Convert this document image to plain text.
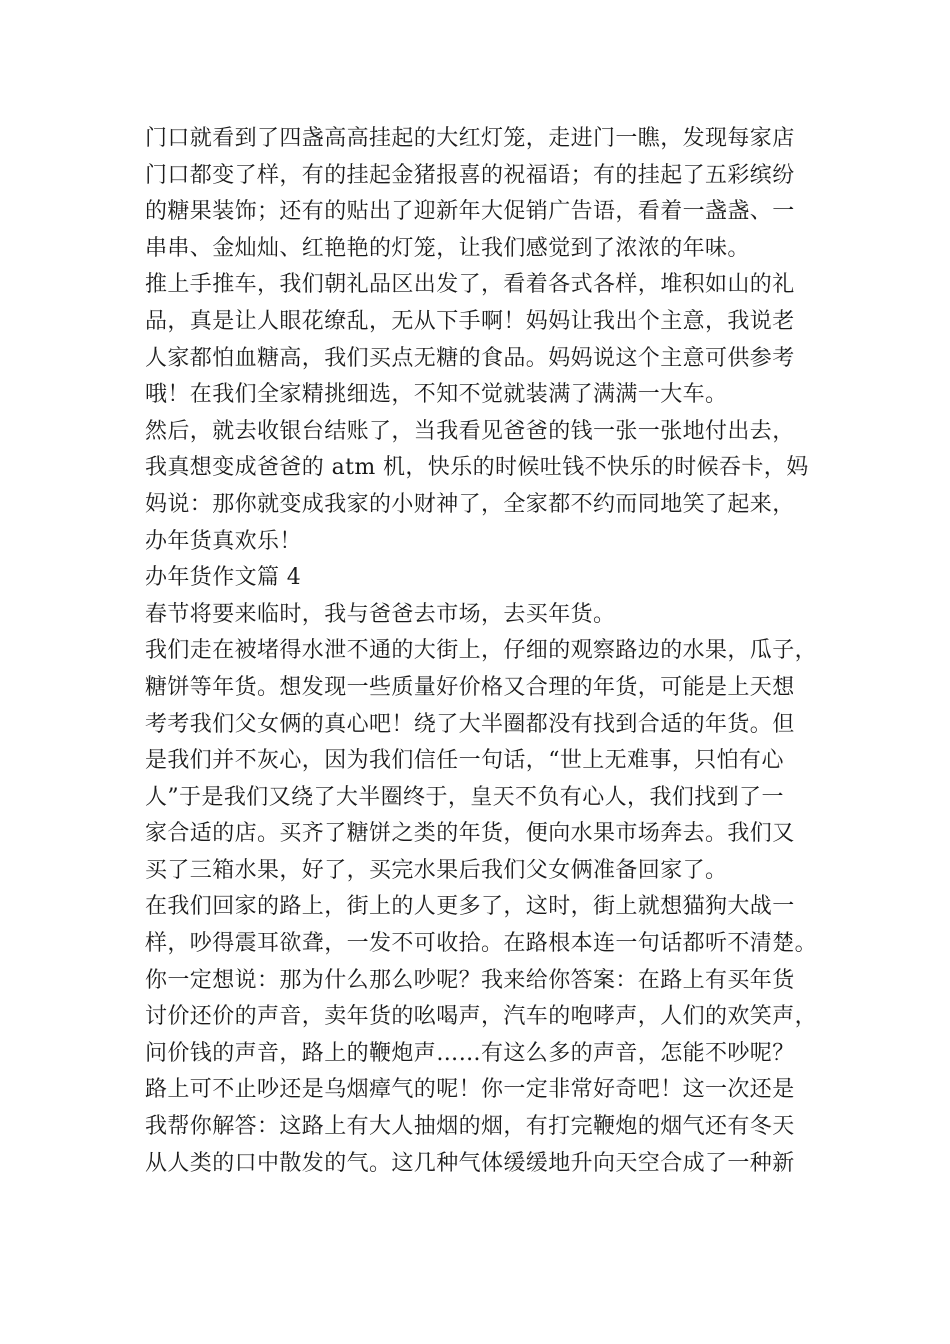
门口就看到了四盏高高挂起的大红灯笼，走进门一瞧，发现每家店
门口都变了样，有的挂起金猪报喜的祝福语；有的挂起了五彩缤纷
的糖果装饰；还有的贴出了迎新年大促销广告语，看着一盏盏、一
串串、金灿灿、红艳艳的灯笼，让我们感觉到了浓浓的年味。
推上手推车，我们朝礼品区出发了，看着各式各样，堆积如山的礼
品，真是让人眼花缭乱，无从下手啊！妈妈让我出个主意，我说老
人家都怕血糖高，我们买点无糖的食品。妈妈说这个主意可供参考
哦！在我们全家精挑细选，不知不觉就装满了满满一大车。
然后，就去收银台结账了，当我看见爸爸的钱一张一张地付出去，
我真想变成爸爸的 atm 机，快乐的时候吐钱不快乐的时候吞卡，妈
妈说：那你就变成我家的小财神了，全家都不约而同地笑了起来，
办年货真欢乐！
办年货作文篇 4
春节将要来临时，我与爸爸去市场，去买年货。
我们走在被堵得水泄不通的大街上，仔细的观察路边的水果，瓜子，
糖饼等年货。想发现一些质量好价格又合理的年货，可能是上天想
考考我们父女俩的真心吧！绕了大半圈都没有找到合适的年货。但
是我们并不灰心，因为我们信任一句话，“世上无难事，只怕有心
人”于是我们又绕了大半圈终于，皇天不负有心人，我们找到了一
家合适的店。买齐了糖饼之类的年货，便向水果市场奔去。我们又
买了三箱水果，好了，买完水果后我们父女俩准备回家了。
在我们回家的路上，街上的人更多了，这时，街上就想猫狗大战一
样，吵得震耳欲聋，一发不可收拾。在路根本连一句话都听不清楚。
你一定想说：那为什么那么吵呢？我来给你答案：在路上有买年货
讨价还价的声音，卖年货的吆喝声，汽车的咆哮声，人们的欢笑声，
问价钱的声音，路上的鞭炮声……有这么多的声音，怎能不吵呢？
路上可不止吵还是乌烟瘴气的呢！你一定非常好奇吧！这一次还是
我帮你解答：这路上有大人抽烟的烟，有打完鞭炮的烟气还有冬天
从人类的口中散发的气。这几种气体缓缓地升向天空合成了一种新
